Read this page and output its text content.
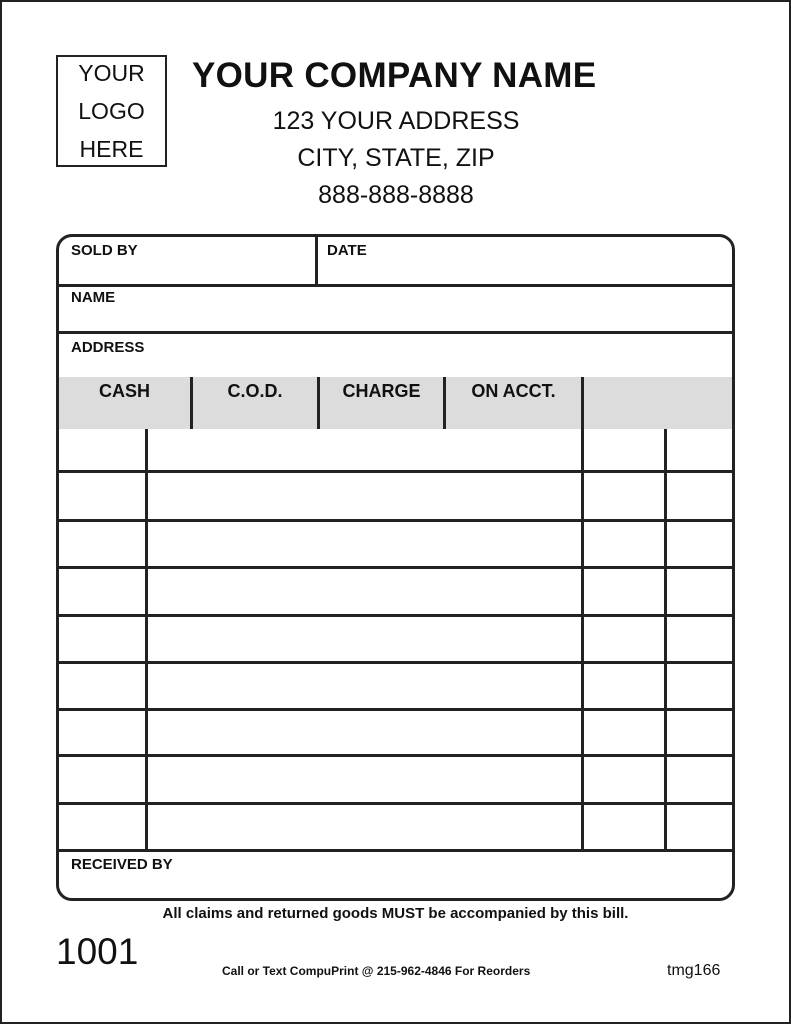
YOUR
LOGO
HERE
YOUR COMPANY NAME
123 YOUR ADDRESS
CITY, STATE, ZIP
888-888-8888
SOLD BY	DATE
NAME
ADDRESS
CASH	C.O.D.	CHARGE	ON ACCT.
RECEIVED BY
All claims and returned goods MUST be accompanied by this bill.
1001	Call or Text CompuPrint @ 215-962-4846 For Reorders	tmg166
